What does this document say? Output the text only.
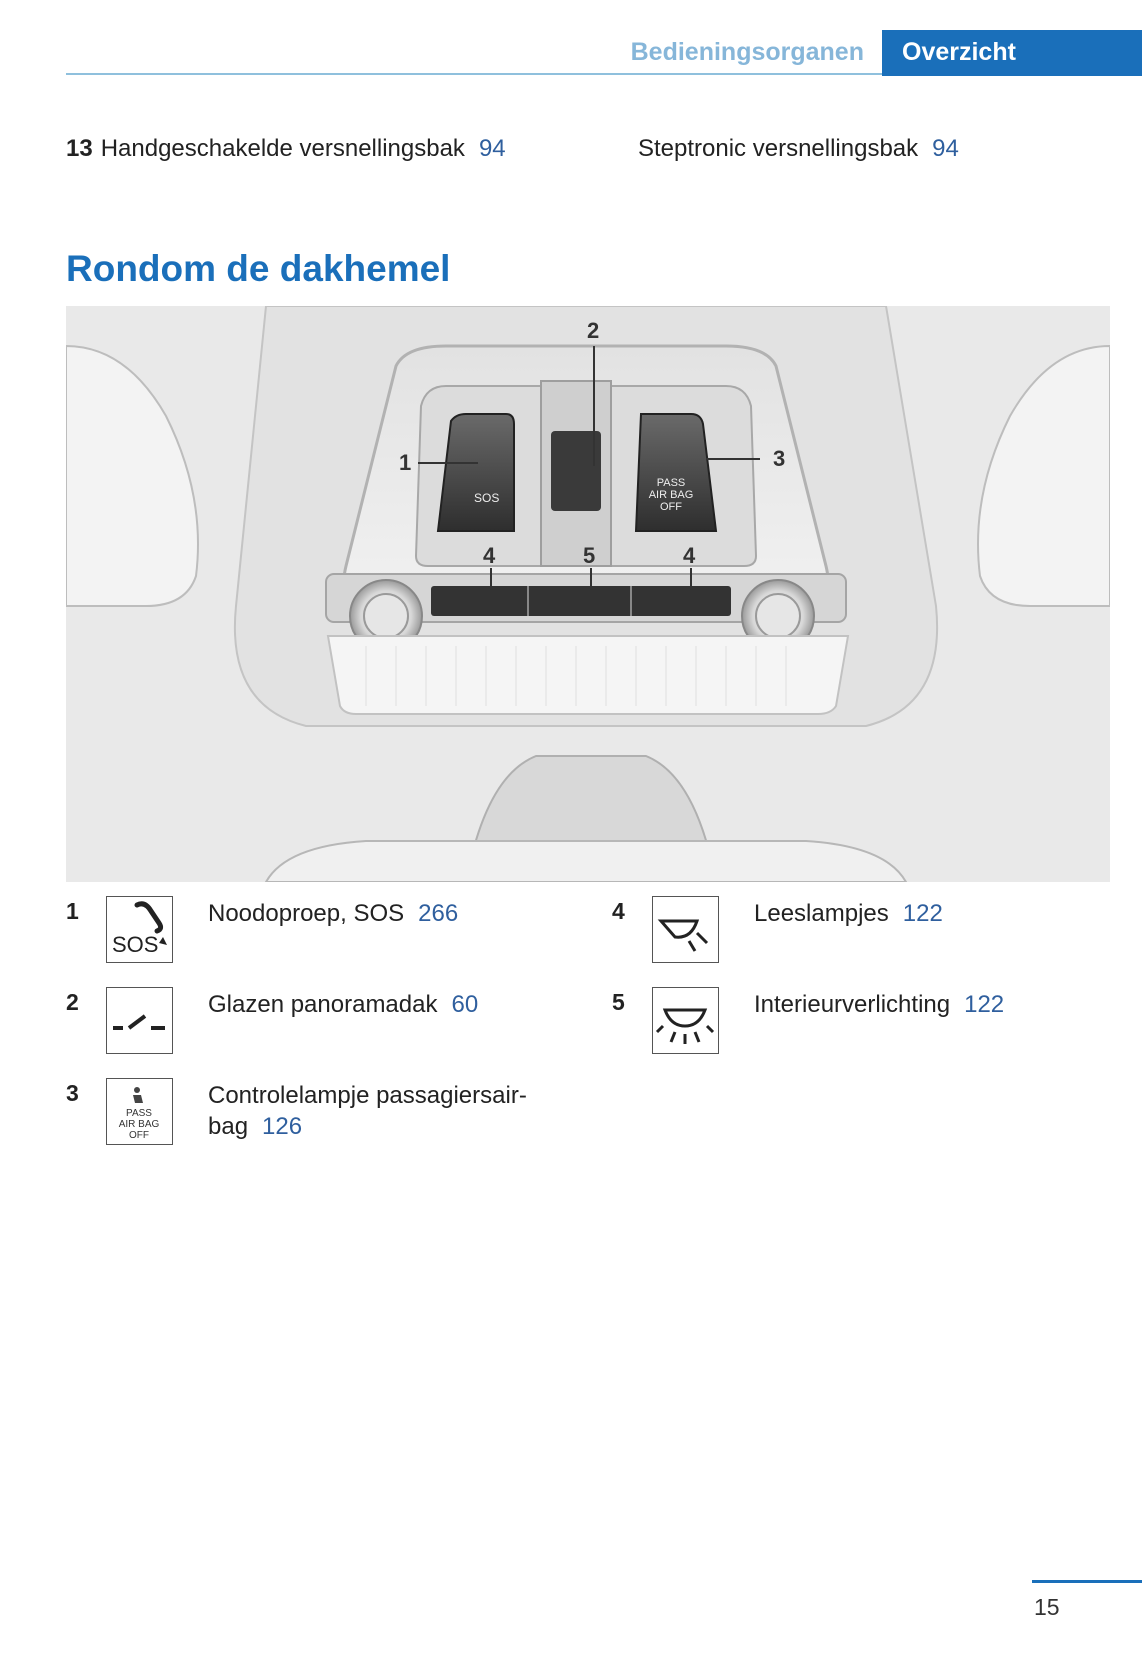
Bedieningsorganen	Overzicht
13 Handgeschakelde versnellingsbak 94	Steptronic versnellingsbak 94
Rondom de dakhemel
SOS
PASS
AIR BAG
OFF
1
2
3
4	5	4
1
SOS
Noodoproep, SOS 266
2	Glazen panoramadak 60
3
PASS
AIR BAG
OFF
Controlelampje passagiersair-
bag 126
4	Leeslampjes 122
5	Interieurverlichting 122
15
